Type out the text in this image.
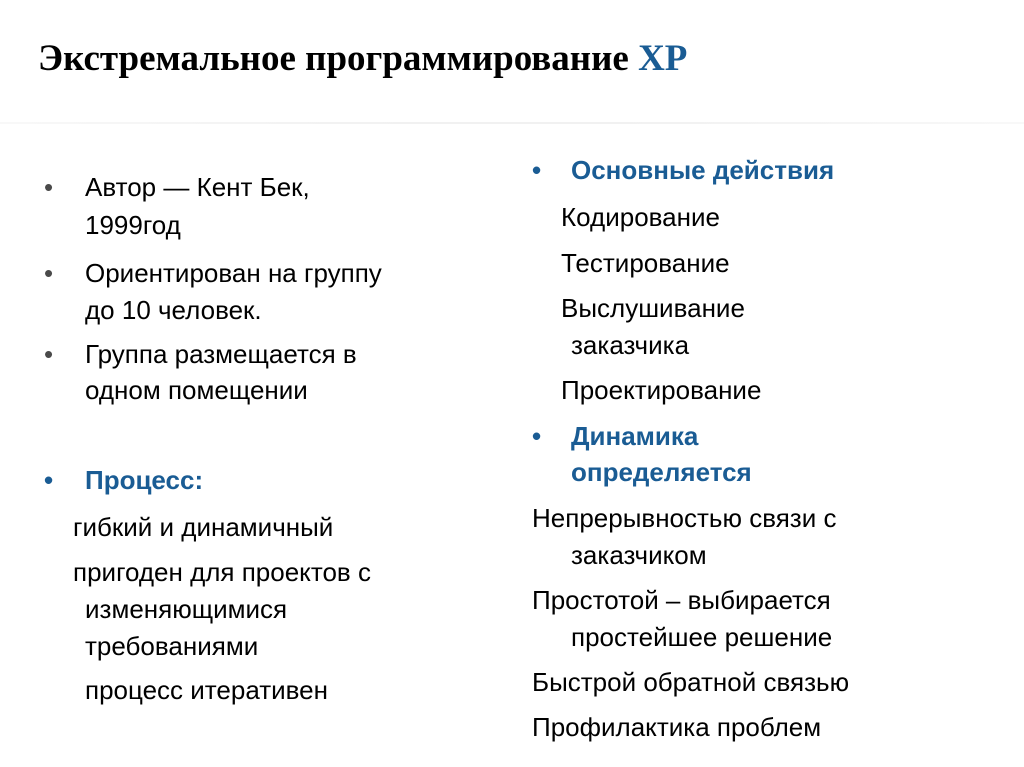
Экстремальное программирование XP
• Автор — Кент Бек,
1999год
• Ориентирован на группу
до 10 человек.
• Группа размещается в
одном помещении
• Процесс:
гибкий и динамичный
пригоден для проектов с
изменяющимися
требованиями
процесс итеративен
• Основные действия
Кодирование
Тестирование
Выслушивание
заказчика
Проектирование
• Динамика
определяется
Непрерывностью связи с
заказчиком
Простотой – выбирается
простейшее решение
Быстрой обратной связью
Профилактика проблем
